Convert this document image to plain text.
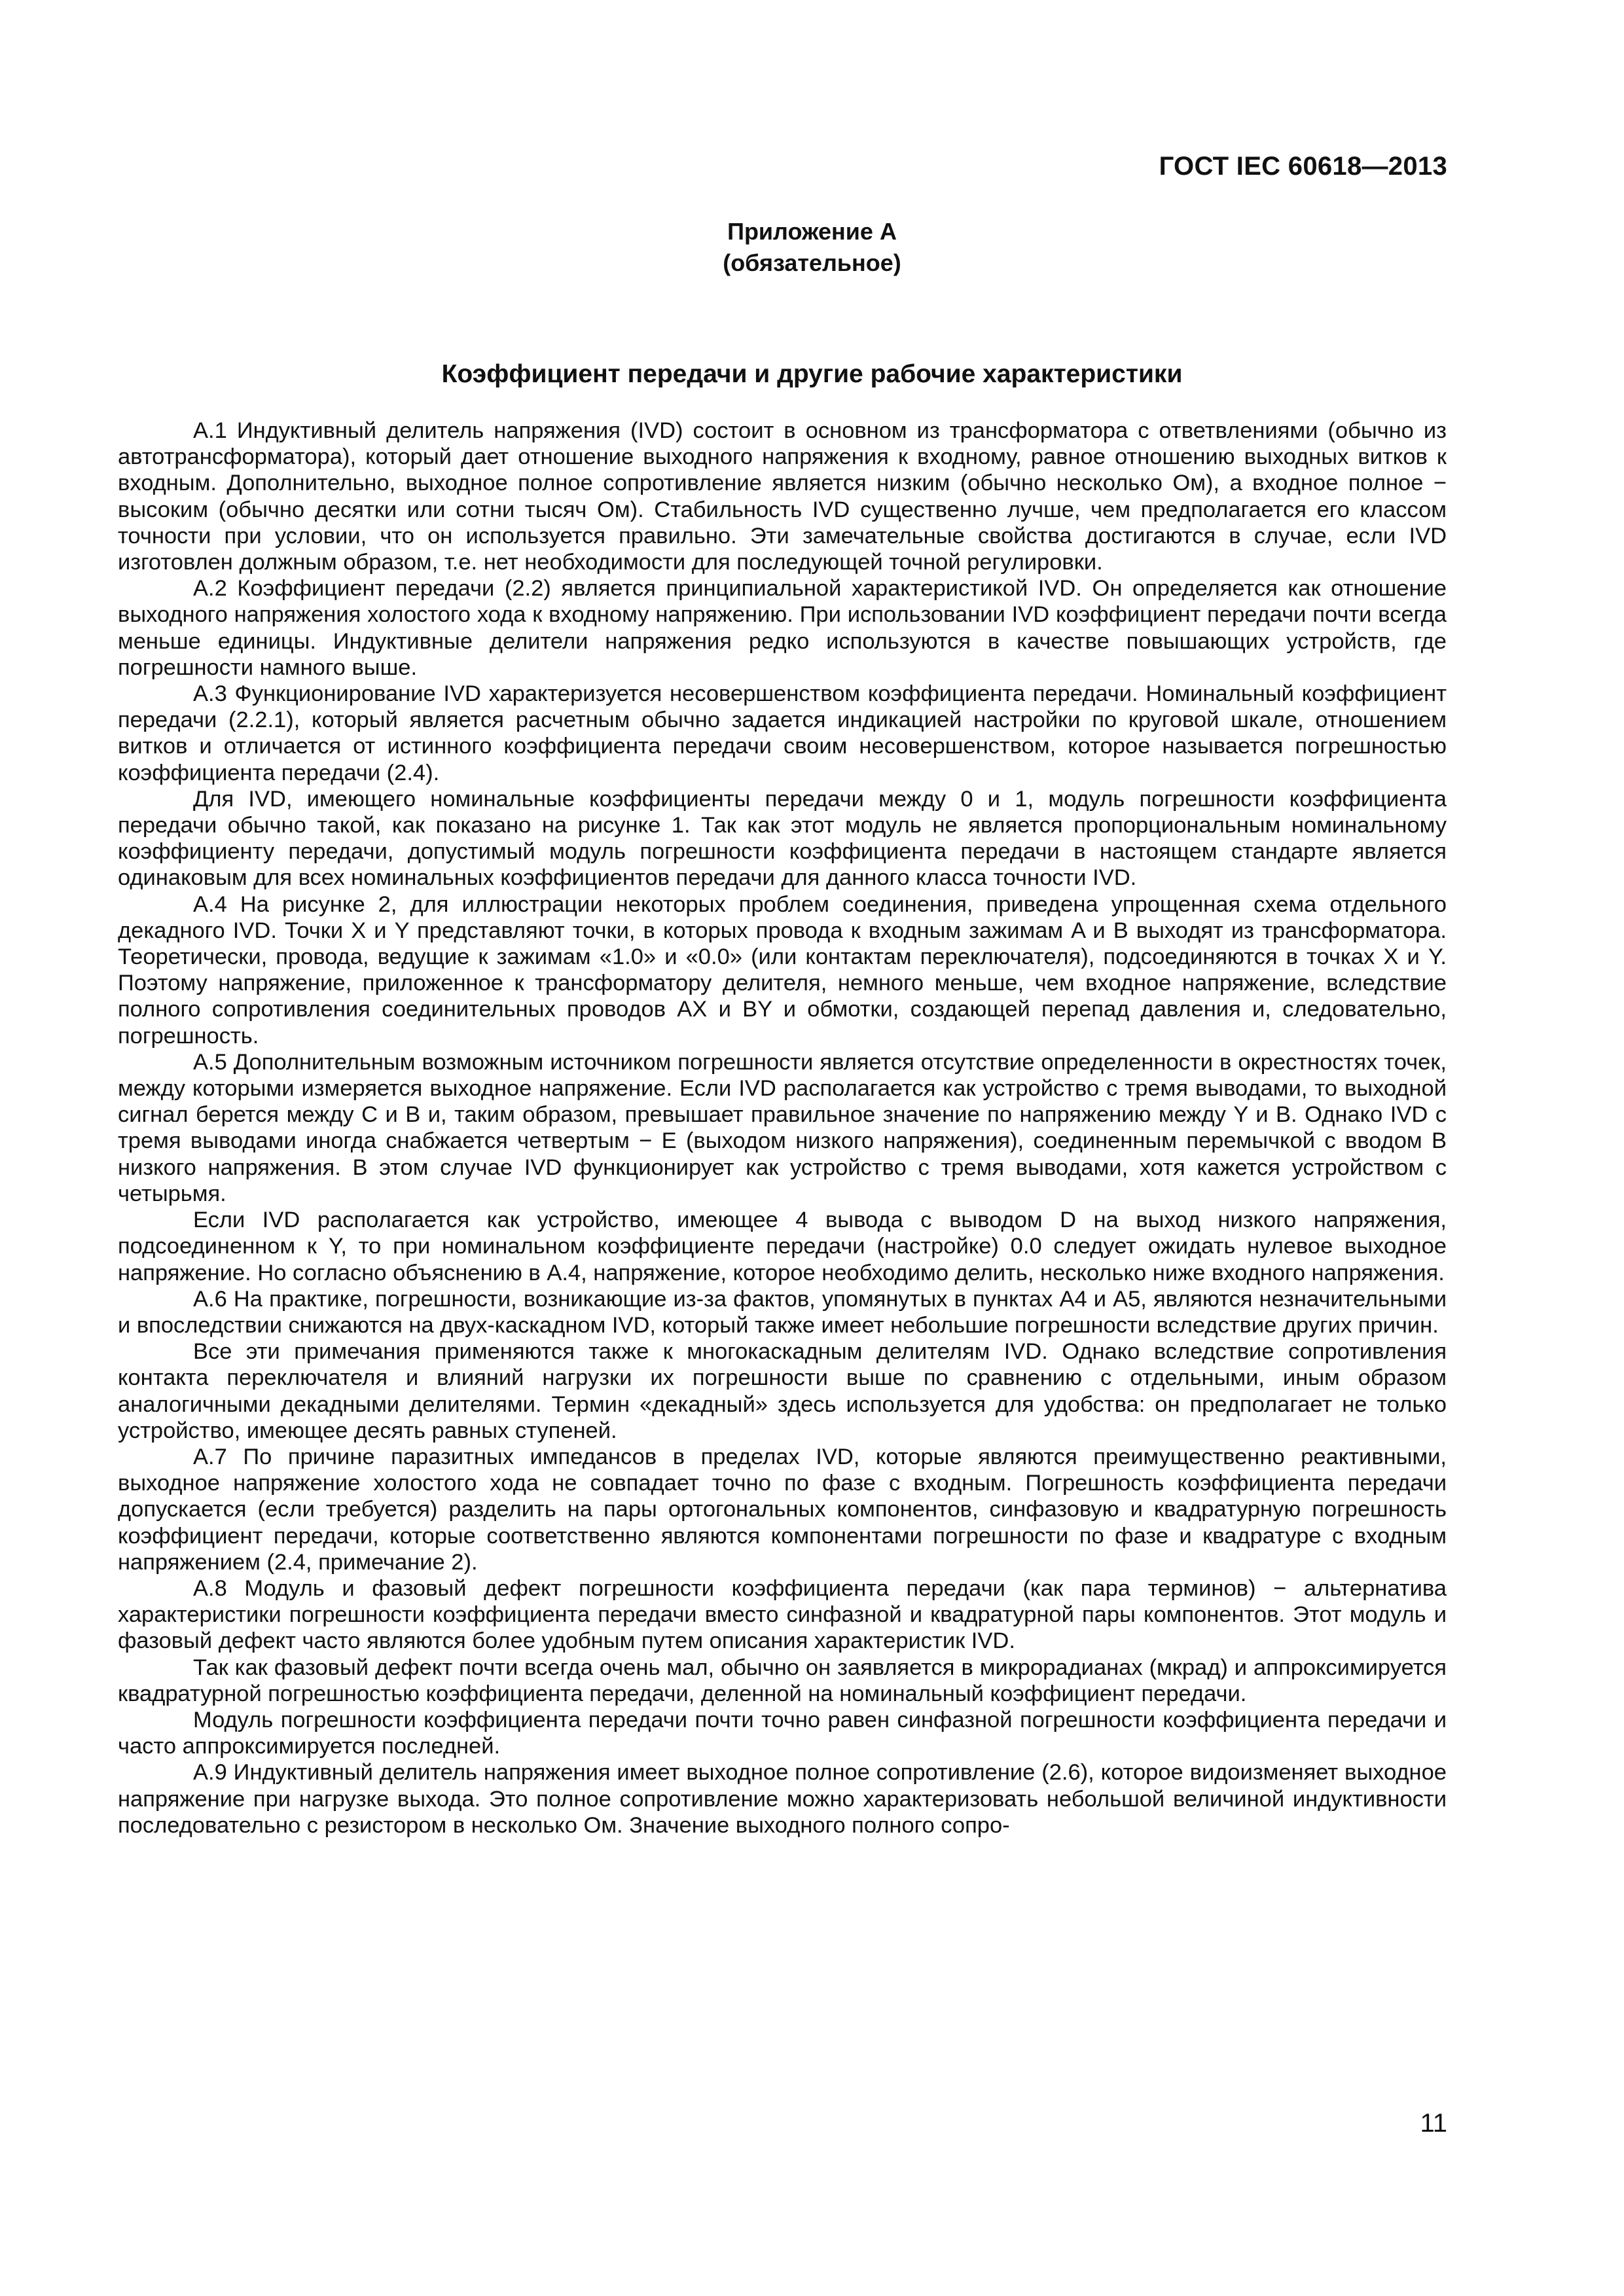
ГОСТ IEC 60618—2013
Приложение А
(обязательное)
Коэффициент передачи и другие рабочие характеристики

А.1 Индуктивный делитель напряжения (IVD) состоит в основном из трансформатора с ответвлениями (обычно из автотрансформатора), который дает отношение выходного напряжения к входному, равное отношению выходных витков к входным. Дополнительно, выходное полное сопротивление является низким (обычно несколько Ом), а входное полное − высоким (обычно десятки или сотни тысяч Ом). Стабильность IVD существенно лучше, чем предполагается его классом точности при условии, что он используется правильно. Эти замечательные свойства достигаются в случае, если IVD изготовлен должным образом, т.е. нет необходимости для последующей точной регулировки.

А.2 Коэффициент передачи (2.2) является принципиальной характеристикой IVD. Он определяется как отношение выходного напряжения холостого хода к входному напряжению. При использовании IVD коэффициент передачи почти всегда меньше единицы. Индуктивные делители напряжения редко используются в качестве повышающих устройств, где погрешности намного выше.

А.3 Функционирование IVD характеризуется несовершенством коэффициента передачи. Номинальный коэффициент передачи (2.2.1), который является расчетным обычно задается индикацией настройки по круговой шкале, отношением витков и отличается от истинного коэффициента передачи своим несовершенством, которое называется погрешностью коэффициента передачи (2.4).

Для IVD, имеющего номинальные коэффициенты передачи между 0 и 1, модуль погрешности коэффициента передачи обычно такой, как показано на рисунке 1. Так как этот модуль не является пропорциональным номинальному коэффициенту передачи, допустимый модуль погрешности коэффициента передачи в настоящем стандарте является одинаковым для всех номинальных коэффициентов передачи для данного класса точности IVD.

А.4 На рисунке 2, для иллюстрации некоторых проблем соединения, приведена упрощенная схема отдельного декадного IVD. Точки X и Y представляют точки, в которых провода к входным зажимам A и B выходят из трансформатора. Теоретически, провода, ведущие к зажимам «1.0» и «0.0» (или контактам переключателя), подсоединяются в точках X и Y. Поэтому напряжение, приложенное к трансформатору делителя, немного меньше, чем входное напряжение, вследствие полного сопротивления соединительных проводов AX и BY и обмотки, создающей перепад давления и, следовательно, погрешность.

А.5 Дополнительным возможным источником погрешности является отсутствие определенности в окрестностях точек, между которыми измеряется выходное напряжение. Если IVD располагается как устройство с тремя выводами, то выходной сигнал берется между C и B и, таким образом, превышает правильное значение по напряжению между Y и B. Однако IVD с тремя выводами иногда снабжается четвертым − E (выходом низкого напряжения), соединенным перемычкой с вводом B низкого напряжения. В этом случае IVD функционирует как устройство с тремя выводами, хотя кажется устройством с четырьмя.

Если IVD располагается как устройство, имеющее 4 вывода с выводом D на выход низкого напряжения, подсоединенном к Y, то при номинальном коэффициенте передачи (настройке) 0.0 следует ожидать нулевое выходное напряжение. Но согласно объяснению в А.4, напряжение, которое необходимо делить, несколько ниже входного напряжения.

А.6 На практике, погрешности, возникающие из-за фактов, упомянутых в пунктах А4 и А5, являются незначительными и впоследствии снижаются на двух-каскадном IVD, который также имеет небольшие погрешности вследствие других причин.

Все эти примечания применяются также к многокаскадным делителям IVD. Однако вследствие сопротивления контакта переключателя и влияний нагрузки их погрешности выше по сравнению с отдельными, иным образом аналогичными декадными делителями. Термин «декадный» здесь используется для удобства: он предполагает не только устройство, имеющее десять равных ступеней.

А.7 По причине паразитных импедансов в пределах IVD, которые являются преимущественно реактивными, выходное напряжение холостого хода не совпадает точно по фазе с входным. Погрешность коэффициента передачи допускается (если требуется) разделить на пары ортогональных компонентов, синфазовую и квадратурную погрешность коэффициент передачи, которые соответственно являются компонентами погрешности по фазе и квадратуре с входным напряжением (2.4, примечание 2).

А.8 Модуль и фазовый дефект погрешности коэффициента передачи (как пара терминов) − альтернатива характеристики погрешности коэффициента передачи вместо синфазной и квадратурной пары компонентов. Этот модуль и фазовый дефект часто являются более удобным путем описания характеристик IVD.

Так как фазовый дефект почти всегда очень мал, обычно он заявляется в микрорадианах (мкрад) и аппроксимируется квадратурной погрешностью коэффициента передачи, деленной на номинальный коэффициент передачи.

Модуль погрешности коэффициента передачи почти точно равен синфазной погрешности коэффициента передачи и часто аппроксимируется последней.

А.9 Индуктивный делитель напряжения имеет выходное полное сопротивление (2.6), которое видоизменяет выходное напряжение при нагрузке выхода. Это полное сопротивление можно характеризовать небольшой величиной индуктивности последовательно с резистором в несколько Ом. Значение выходного полного сопро-

11
